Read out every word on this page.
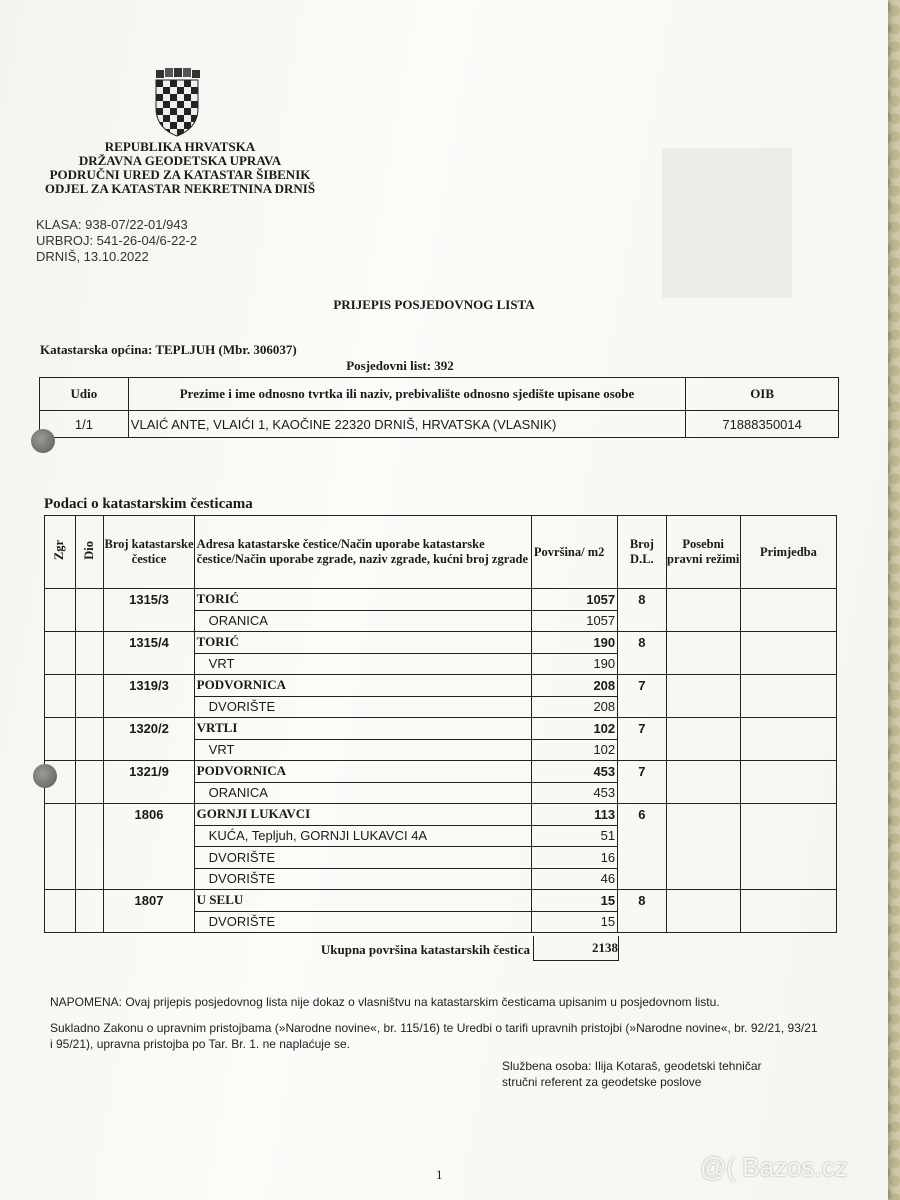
REPUBLIKA HRVATSKA
DRŽAVNA GEODETSKA UPRAVA
PODRUČNI URED ZA KATASTAR ŠIBENIK
ODJEL ZA KATASTAR NEKRETNINA DRNIŠ
KLASA: 938-07/22-01/943
URBROJ: 541-26-04/6-22-2
DRNIŠ, 13.10.2022
PRIJEPIS POSJEDOVNOG LISTA
Katastarska općina: TEPLJUH (Mbr. 306037)
Posjedovni list: 392
Udio	Prezime i ime odnosno tvrtka ili naziv, prebivalište odnosno sjedište upisane osobe	OIB
1/1	VLAIĆ ANTE, VLAIĆI 1, KAOČINE 22320 DRNIŠ, HRVATSKA (VLASNIK)	71888350014
Podaci o katastarskim česticama
Zgr	Dio	Broj katastarske čestice	Adresa katastarske čestice/Način uporabe katastarske čestice/Način uporabe zgrade, naziv zgrade, kućni broj zgrade	Površina/ m2	Broj D.L.	Posebni pravni režimi	Primjedba
		1315/3	TORIĆ	1057	8		
			ORANICA	1057			
		1315/4	TORIĆ	190	8		
			VRT	190			
		1319/3	PODVORNICA	208	7		
			DVORIŠTE	208			
		1320/2	VRTLI	102	7		
			VRT	102			
		1321/9	PODVORNICA	453	7		
			ORANICA	453			
		1806	GORNJI LUKAVCI	113	6		
			KUĆA, Tepljuh, GORNJI LUKAVCI 4A	51			
			DVORIŠTE	16			
			DVORIŠTE	46			
		1807	U SELU	15	8		
			DVORIŠTE	15			
Ukupna površina katastarskih čestica	2138
NAPOMENA: Ovaj prijepis posjedovnog lista nije dokaz o vlasništvu na katastarskim česticama upisanim u posjedovnom listu.
Sukladno Zakonu o upravnim pristojbama (»Narodne novine«, br. 115/16) te Uredbi o tarifi upravnih pristojbi (»Narodne novine«, br. 92/21, 93/21 i 95/21), upravna pristojba po Tar. Br. 1. ne naplaćuje se.
Službena osoba: Ilija Kotaraš, geodetski tehničar
stručni referent za geodetske poslove
1	@( Bazos.cz
